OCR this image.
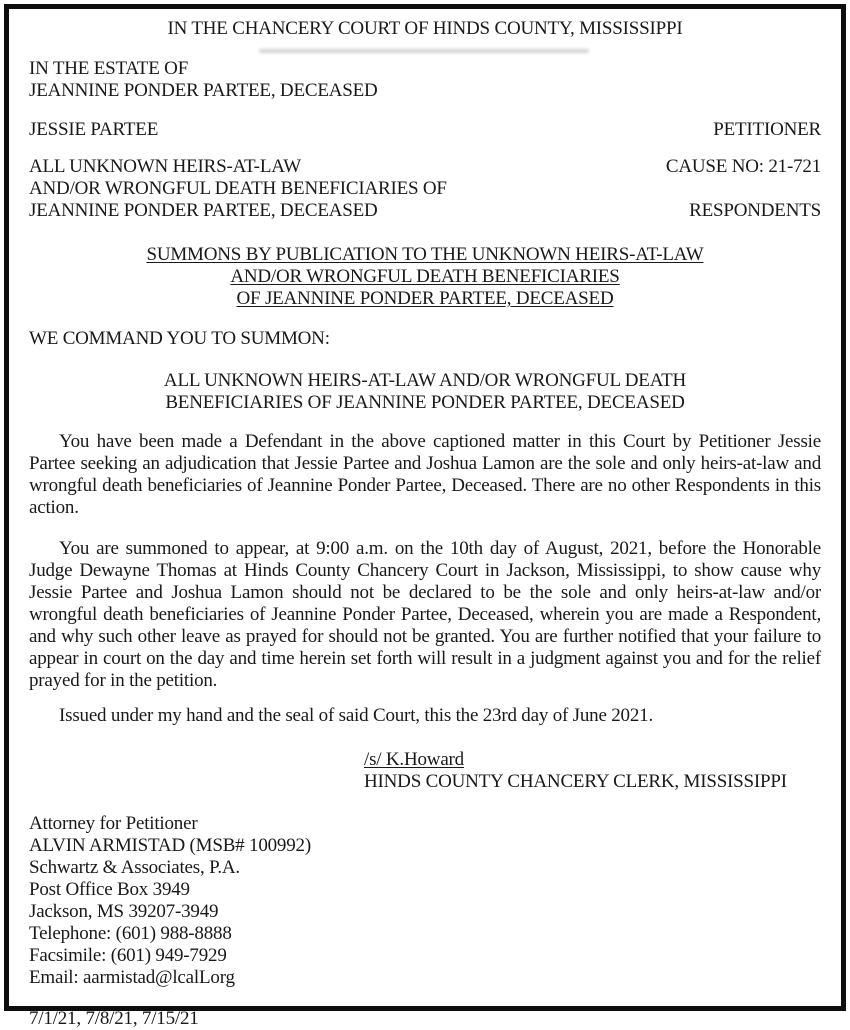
IN THE CHANCERY COURT OF HINDS COUNTY, MISSISSIPPI
IN THE ESTATE OF
JEANNINE PONDER PARTEE, DECEASED
JESSIE PARTEE	PETITIONER
ALL UNKNOWN HEIRS-AT-LAW
AND/OR WRONGFUL DEATH BENEFICIARIES OF
JEANNINE PONDER PARTEE, DECEASED
CAUSE NO: 21-721
RESPONDENTS
SUMMONS BY PUBLICATION TO THE UNKNOWN HEIRS-AT-LAW
AND/OR WRONGFUL DEATH BENEFICIARIES
OF JEANNINE PONDER PARTEE, DECEASED
WE COMMAND YOU TO SUMMON:
ALL UNKNOWN HEIRS-AT-LAW AND/OR WRONGFUL DEATH
BENEFICIARIES OF JEANNINE PONDER PARTEE, DECEASED
You have been made a Defendant in the above captioned matter in this Court by Petitioner Jessie Partee seeking an adjudication that Jessie Partee and Joshua Lamon are the sole and only heirs-at-law and wrongful death beneficiaries of Jeannine Ponder Partee, Deceased. There are no other Respondents in this action.
You are summoned to appear, at 9:00 a.m. on the 10th day of August, 2021, before the Honorable Judge Dewayne Thomas at Hinds County Chancery Court in Jackson, Mississippi, to show cause why Jessie Partee and Joshua Lamon should not be declared to be the sole and only heirs-at-law and/or wrongful death beneficiaries of Jeannine Ponder Partee, Deceased, wherein you are made a Respondent, and why such other leave as prayed for should not be granted. You are further notified that your failure to appear in court on the day and time herein set forth will result in a judgment against you and for the relief prayed for in the petition.
Issued under my hand and the seal of said Court, this the 23rd day of June 2021.
/s/ K.Howard
HINDS COUNTY CHANCERY CLERK, MISSISSIPPI
Attorney for Petitioner
ALVIN ARMISTAD (MSB# 100992)
Schwartz & Associates, P.A.
Post Office Box 3949
Jackson, MS 39207-3949
Telephone: (601) 988-8888
Facsimile: (601) 949-7929
Email: aarmistad@lcalLorg
7/1/21, 7/8/21, 7/15/21
